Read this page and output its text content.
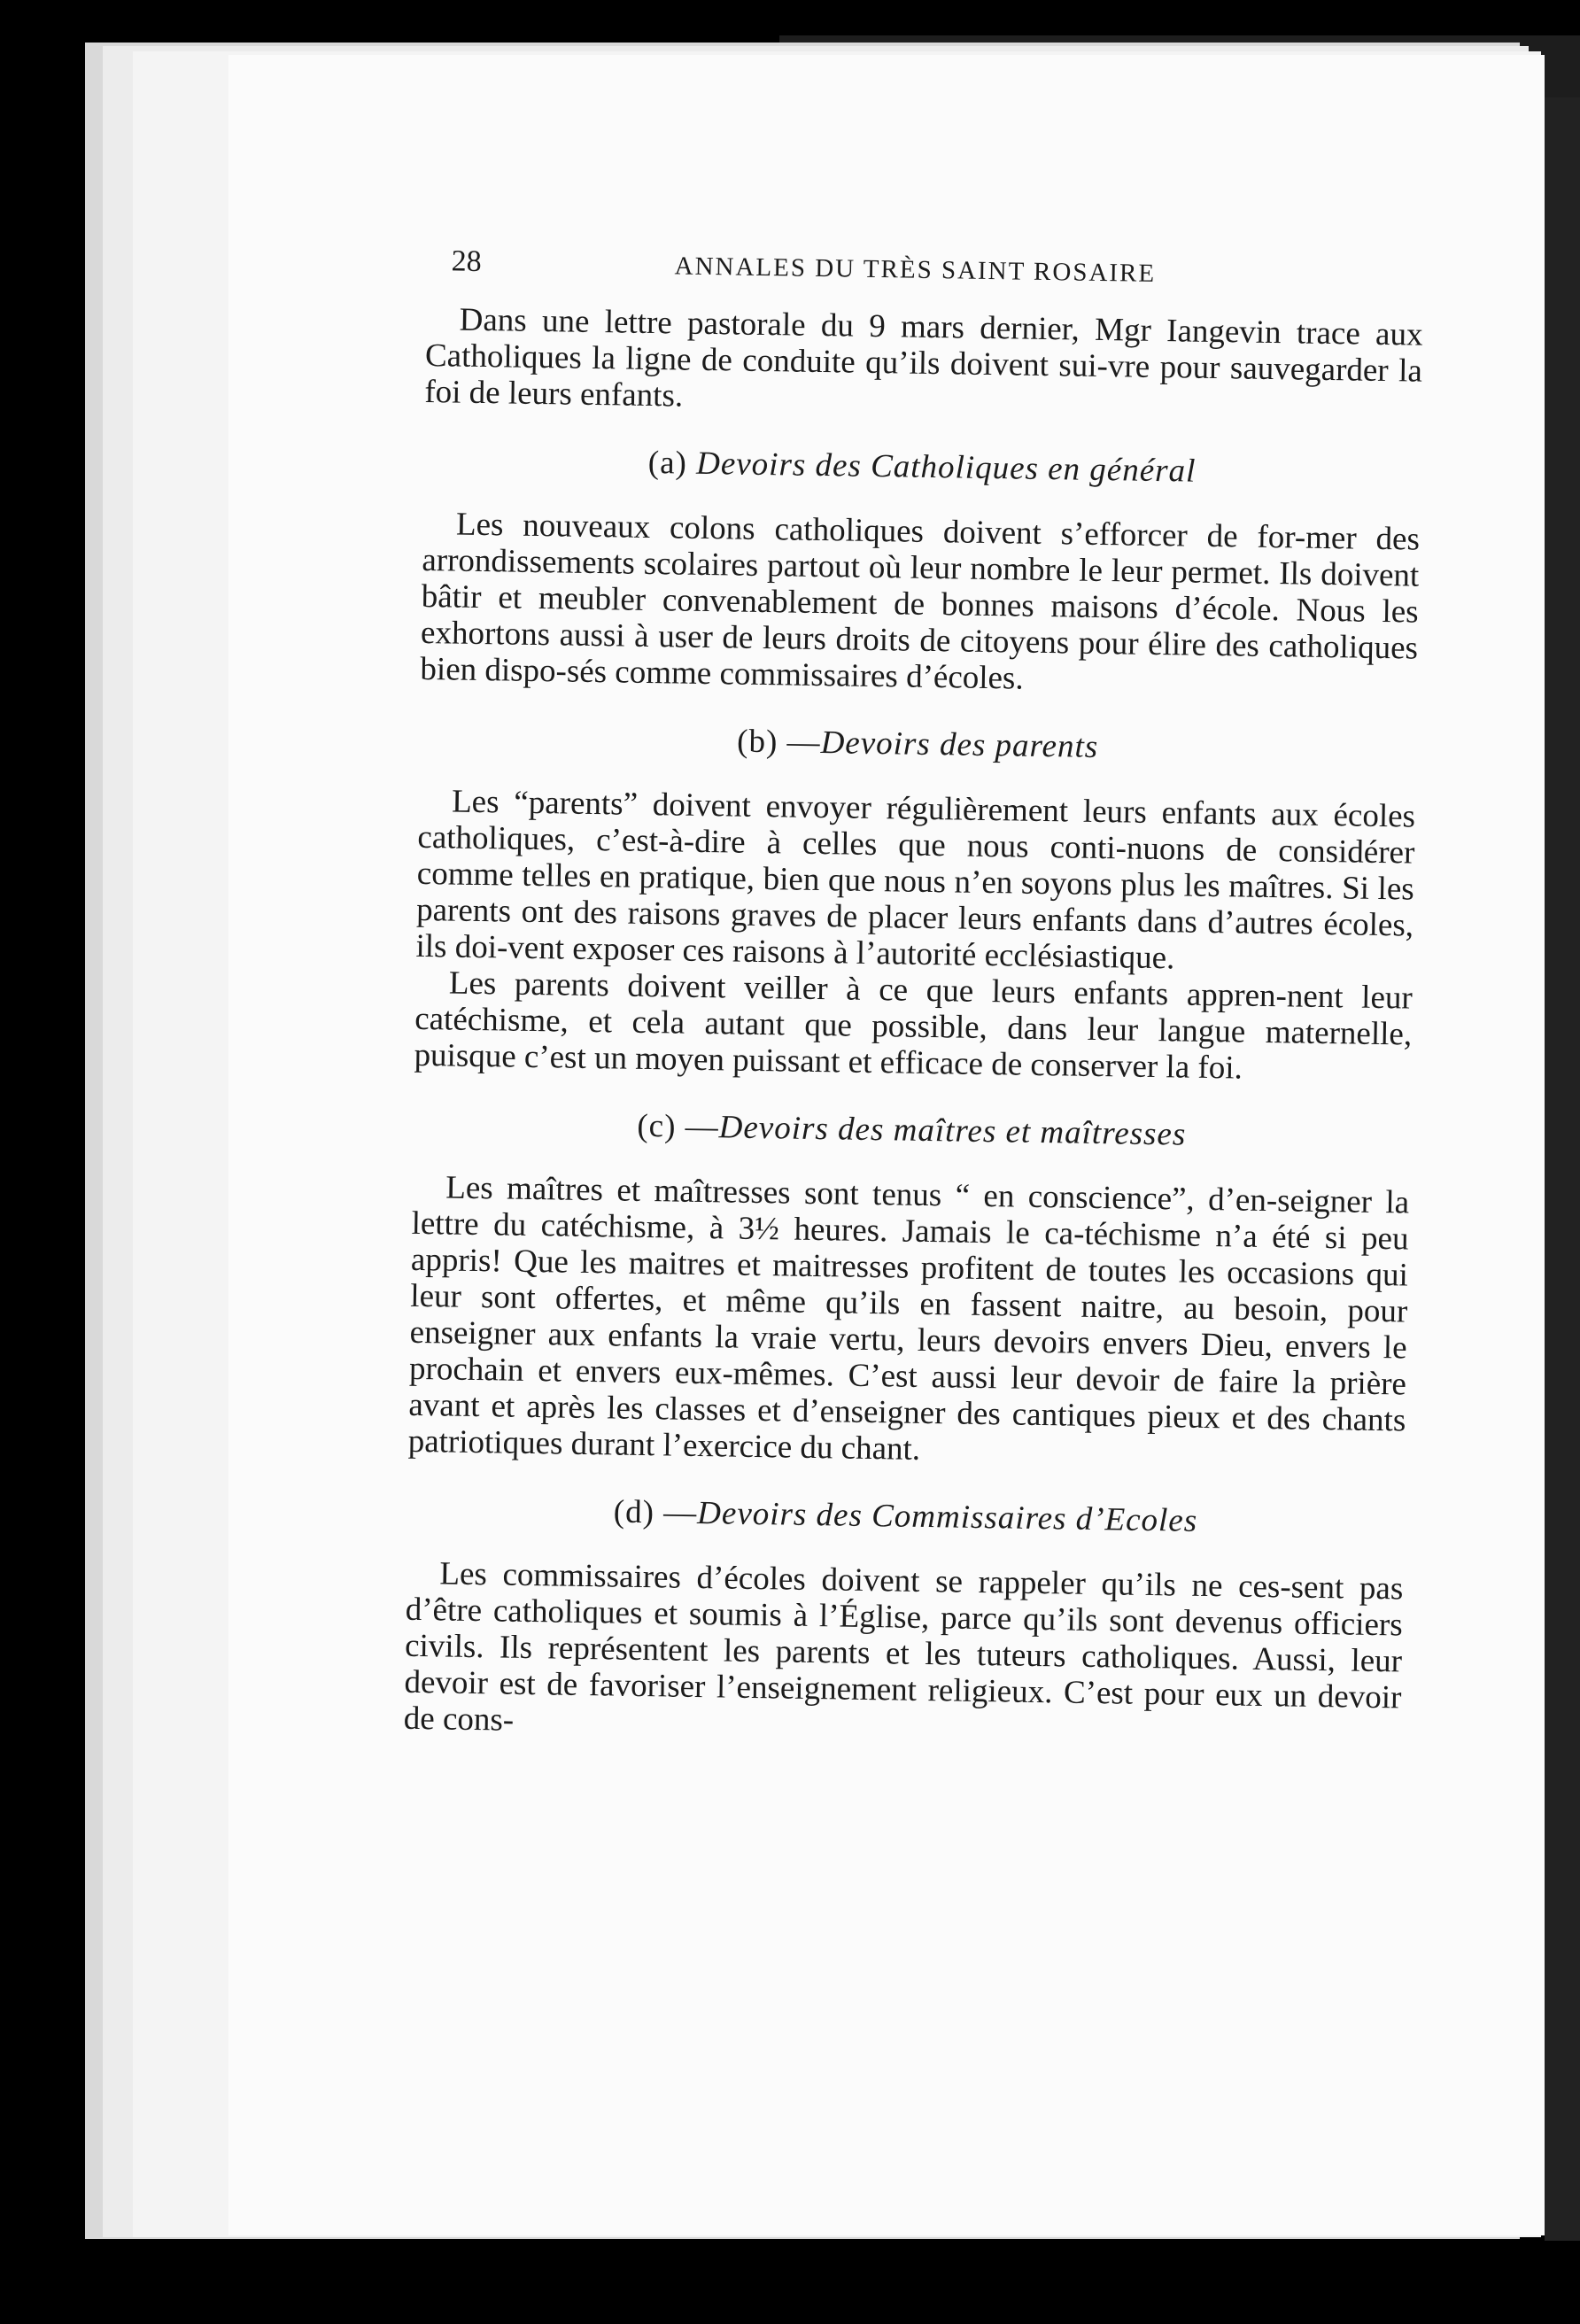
28	ANNALES DU TRÈS SAINT ROSAIRE

Dans une lettre pastorale du 9 mars dernier, Mgr Iangevin trace aux Catholiques la ligne de conduite qu’ils doivent sui-vre pour sauvegarder la foi de leurs enfants.

(a) Devoirs des Catholiques en général

Les nouveaux colons catholiques doivent s’efforcer de for-mer des arrondissements scolaires partout où leur nombre le leur permet. Ils doivent bâtir et meubler convenablement de bonnes maisons d’école. Nous les exhortons aussi à user de leurs droits de citoyens pour élire des catholiques bien dispo-sés comme commissaires d’écoles.

(b) —Devoirs des parents

Les “parents” doivent envoyer régulièrement leurs enfants aux écoles catholiques, c’est-à-dire à celles que nous conti-nuons de considérer comme telles en pratique, bien que nous n’en soyons plus les maîtres. Si les parents ont des raisons graves de placer leurs enfants dans d’autres écoles, ils doi-vent exposer ces raisons à l’autorité ecclésiastique.

Les parents doivent veiller à ce que leurs enfants appren-nent leur catéchisme, et cela autant que possible, dans leur langue maternelle, puisque c’est un moyen puissant et efficace de conserver la foi.

(c) —Devoirs des maîtres et maîtresses

Les maîtres et maîtresses sont tenus “ en conscience”, d’en-seigner la lettre du catéchisme, à 3½ heures. Jamais le ca-téchisme n’a été si peu appris! Que les maitres et maitresses profitent de toutes les occasions qui leur sont offertes, et même qu’ils en fassent naitre, au besoin, pour enseigner aux enfants la vraie vertu, leurs devoirs envers Dieu, envers le prochain et envers eux-mêmes. C’est aussi leur devoir de faire la prière avant et après les classes et d’enseigner des cantiques pieux et des chants patriotiques durant l’exercice du chant.

(d) —Devoirs des Commissaires d’Ecoles

Les commissaires d’écoles doivent se rappeler qu’ils ne ces-sent pas d’être catholiques et soumis à l’Église, parce qu’ils sont devenus officiers civils. Ils représentent les parents et les tuteurs catholiques. Aussi, leur devoir est de favoriser l’enseignement religieux. C’est pour eux un devoir de cons-
